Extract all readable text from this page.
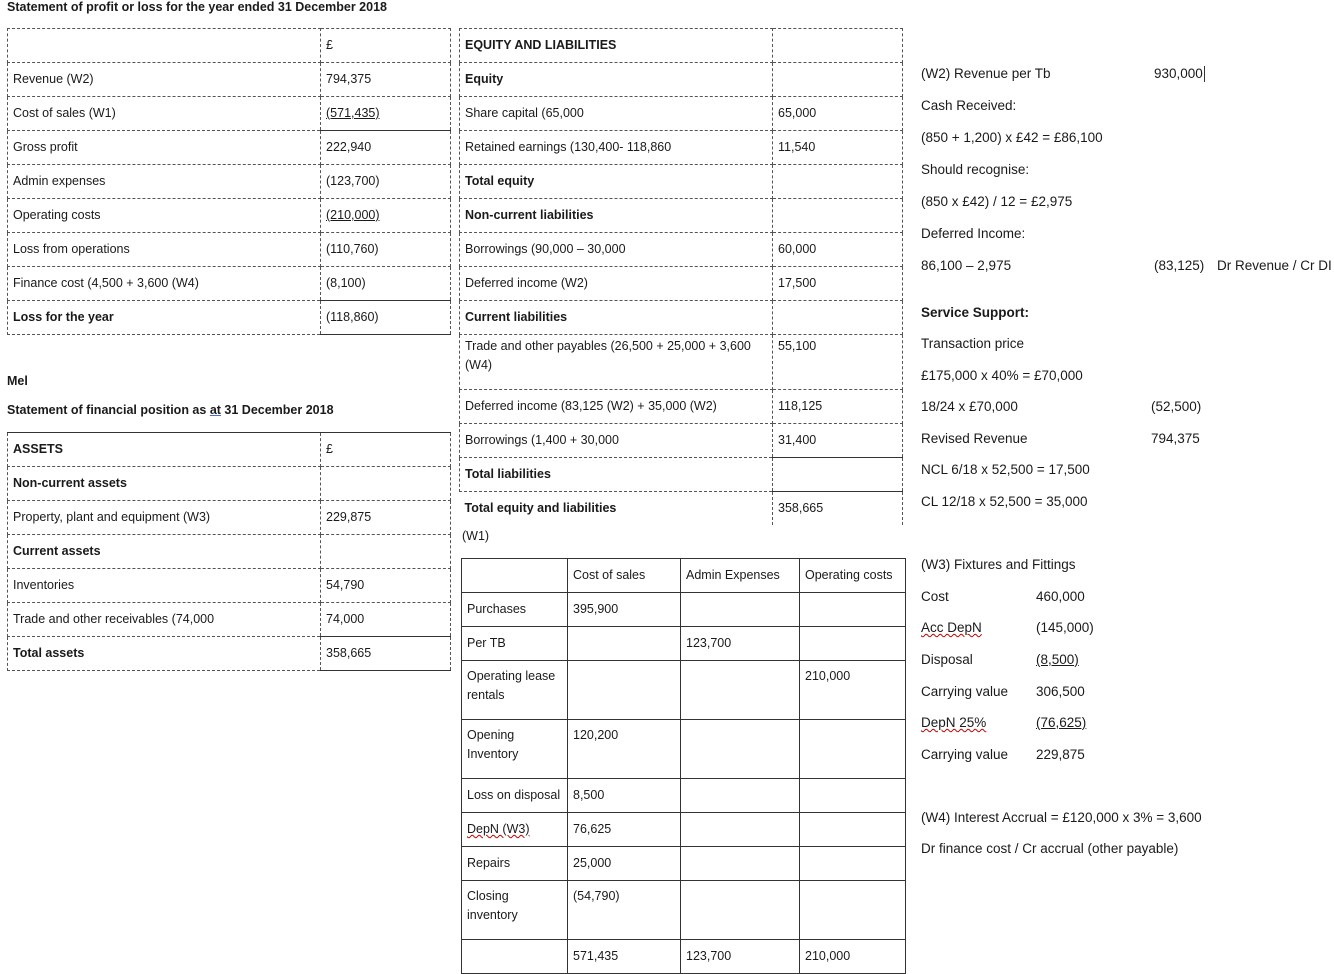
Statement of profit or loss for the year ended 31 December 2018
	£
Revenue (W2)	794,375
Cost of sales (W1)	(571,435)
Gross profit	222,940
Admin expenses	(123,700)
Operating costs	(210,000)
Loss from operations	(110,760)
Finance cost (4,500 + 3,600 (W4)	(8,100)
Loss for the year	(118,860)
Mel
Statement of financial position as at 31 December 2018
ASSETS	£
Non-current assets	
Property, plant and equipment (W3)	229,875
Current assets	
Inventories	54,790
Trade and other receivables (74,000	74,000
Total assets	358,665
EQUITY AND LIABILITIES	
Equity	
Share capital (65,000	65,000
Retained earnings (130,400- 118,860	11,540
Total equity	
Non-current liabilities	
Borrowings (90,000 – 30,000	60,000
Deferred income (W2)	17,500
Current liabilities	
Trade and other payables (26,500 + 25,000 + 3,600 (W4)	55,100
Deferred income (83,125 (W2) + 35,000 (W2)	118,125
Borrowings (1,400 + 30,000	31,400
Total liabilities	
Total equity and liabilities	358,665
(W1)
	Cost of sales	Admin Expenses	Operating costs
Purchases	395,900		
Per TB		123,700	
Operating lease rentals			210,000
Opening Inventory	120,200		
Loss on disposal	8,500		
DepN (W3)	76,625		
Repairs	25,000		
Closing inventory	(54,790)		
	571,435	123,700	210,000
(W2) Revenue per Tb	930,000
Cash Received:
(850 + 1,200) x £42 = £86,100
Should recognise:
(850 x £42) / 12 = £2,975
Deferred Income:
86,100 – 2,975	(83,125) Dr Revenue / Cr DI
Service Support:
Transaction price
£175,000 x 40% = £70,000
18/24 x £70,000	(52,500)
Revised Revenue	794,375
NCL 6/18 x 52,500 = 17,500
CL 12/18 x 52,500 = 35,000
(W3) Fixtures and Fittings
Cost	460,000
Acc DepN	(145,000)
Disposal	(8,500)
Carrying value 306,500
DepN 25%	(76,625)
Carrying value 229,875
(W4) Interest Accrual = £120,000 x 3% = 3,600
Dr finance cost / Cr accrual (other payable)
